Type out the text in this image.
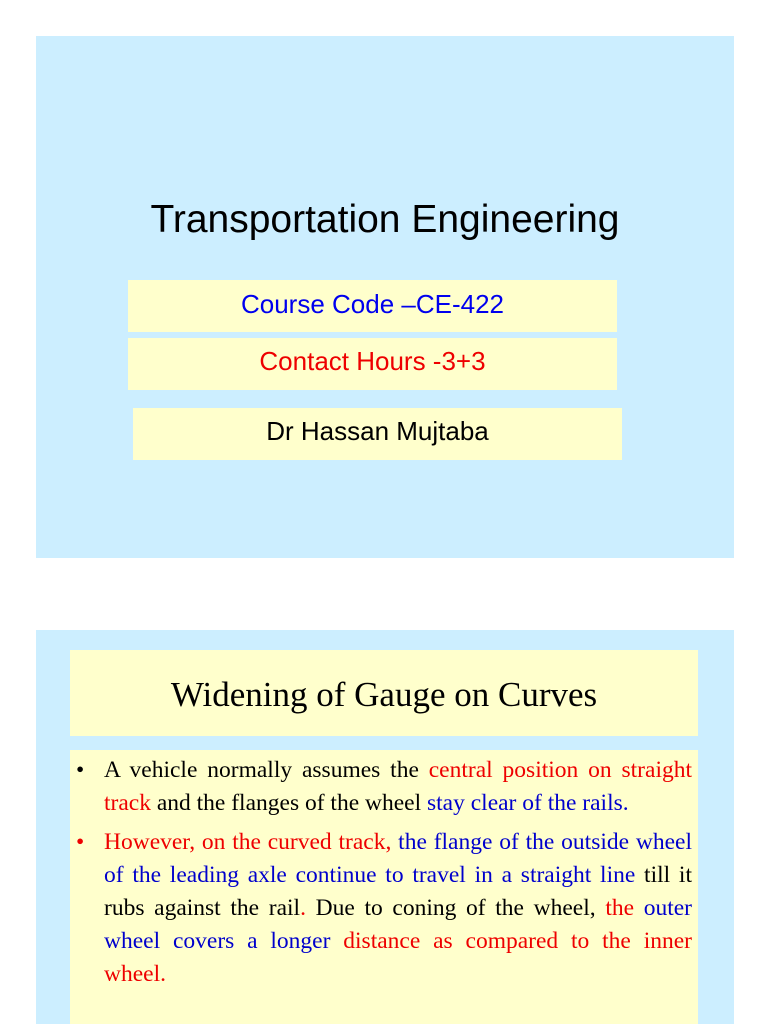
Transportation Engineering
Course Code –CE-422
Contact Hours -3+3
Dr Hassan Mujtaba
Widening of Gauge on Curves
• A vehicle normally assumes the central position on straight track and the flanges of the wheel stay clear of the rails.
• However, on the curved track, the flange of the outside wheel of the leading axle continue to travel in a straight line till it rubs against the rail. Due to coning of the wheel, the outer wheel covers a longer distance as compared to the inner wheel.
